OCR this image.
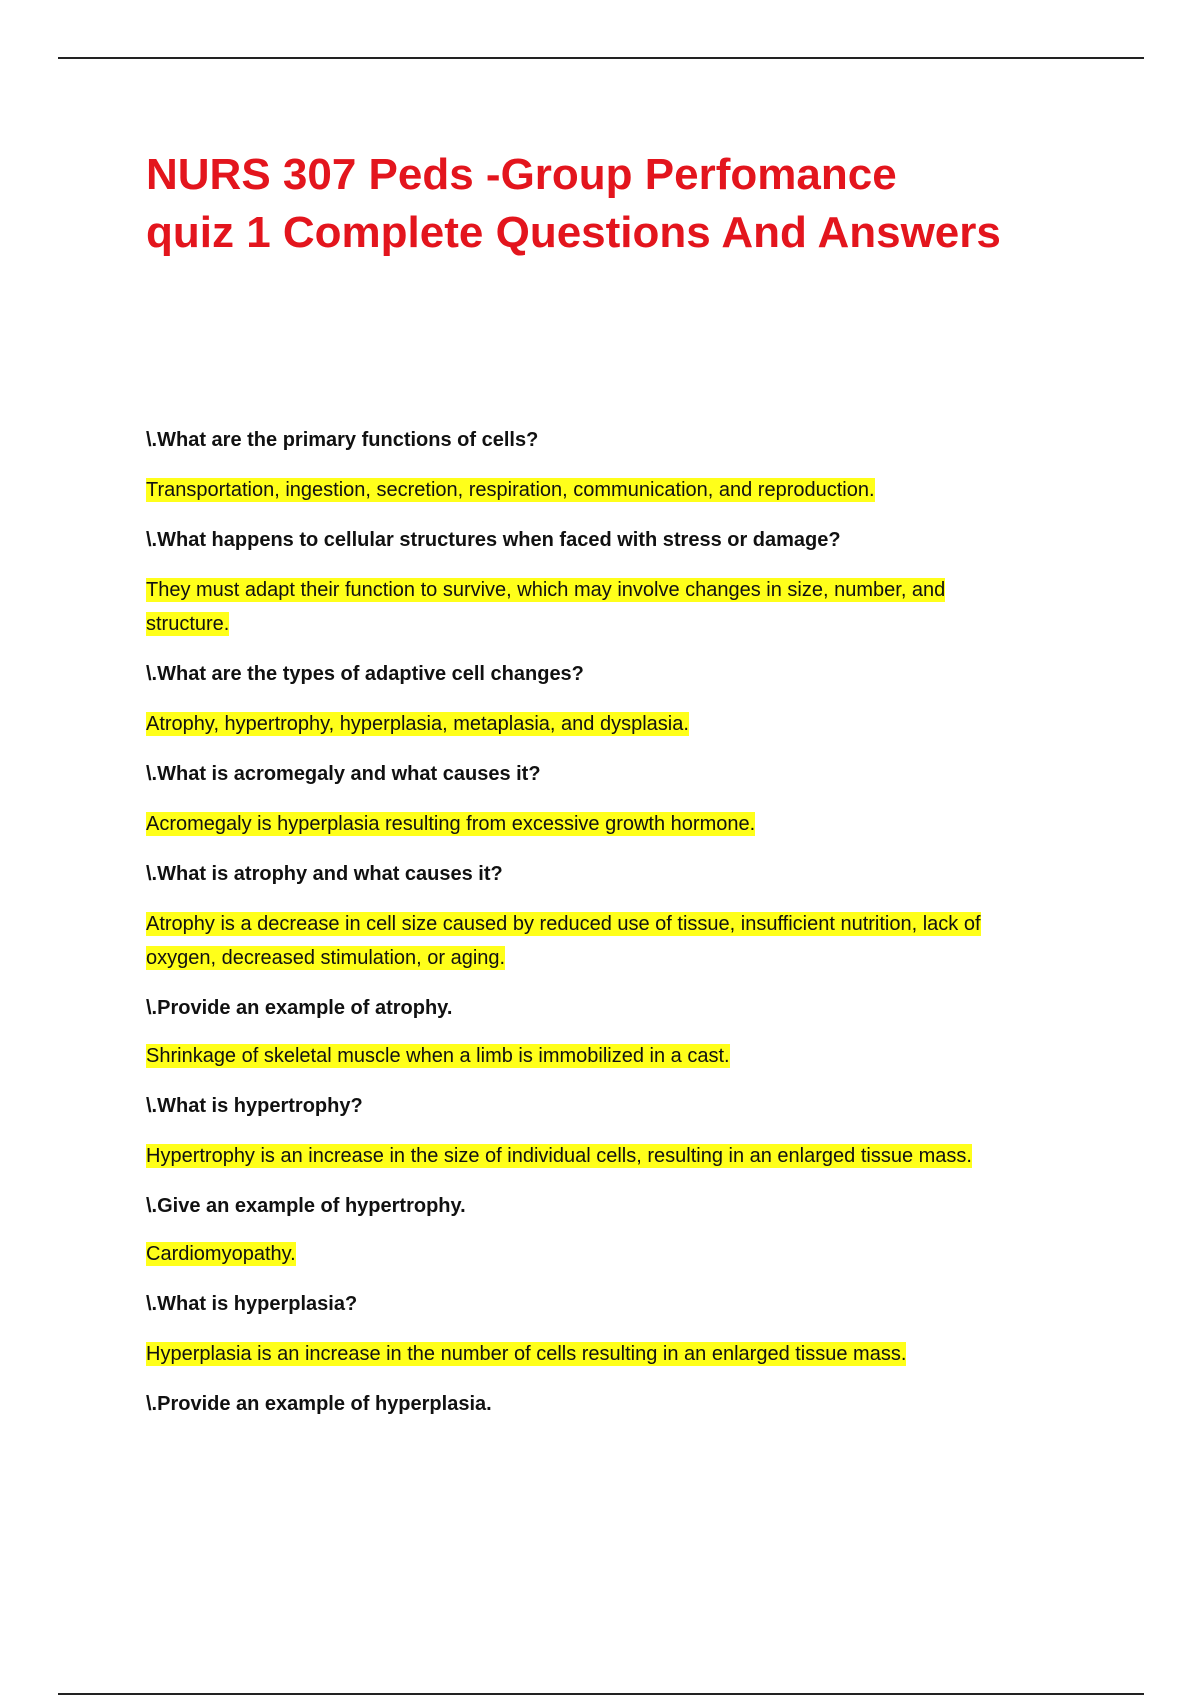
NURS 307 Peds -Group Perfomance
quiz 1 Complete Questions And Answers

\.What are the primary functions of cells?

Transportation, ingestion, secretion, respiration, communication, and reproduction.

\.What happens to cellular structures when faced with stress or damage?

They must adapt their function to survive, which may involve changes in size, number, and
structure.

\.What are the types of adaptive cell changes?

Atrophy, hypertrophy, hyperplasia, metaplasia, and dysplasia.

\.What is acromegaly and what causes it?

Acromegaly is hyperplasia resulting from excessive growth hormone.

\.What is atrophy and what causes it?

Atrophy is a decrease in cell size caused by reduced use of tissue, insufficient nutrition, lack of
oxygen, decreased stimulation, or aging.

\.Provide an example of atrophy.

Shrinkage of skeletal muscle when a limb is immobilized in a cast.

\.What is hypertrophy?

Hypertrophy is an increase in the size of individual cells, resulting in an enlarged tissue mass.

\.Give an example of hypertrophy.

Cardiomyopathy.

\.What is hyperplasia?

Hyperplasia is an increase in the number of cells resulting in an enlarged tissue mass.

\.Provide an example of hyperplasia.
